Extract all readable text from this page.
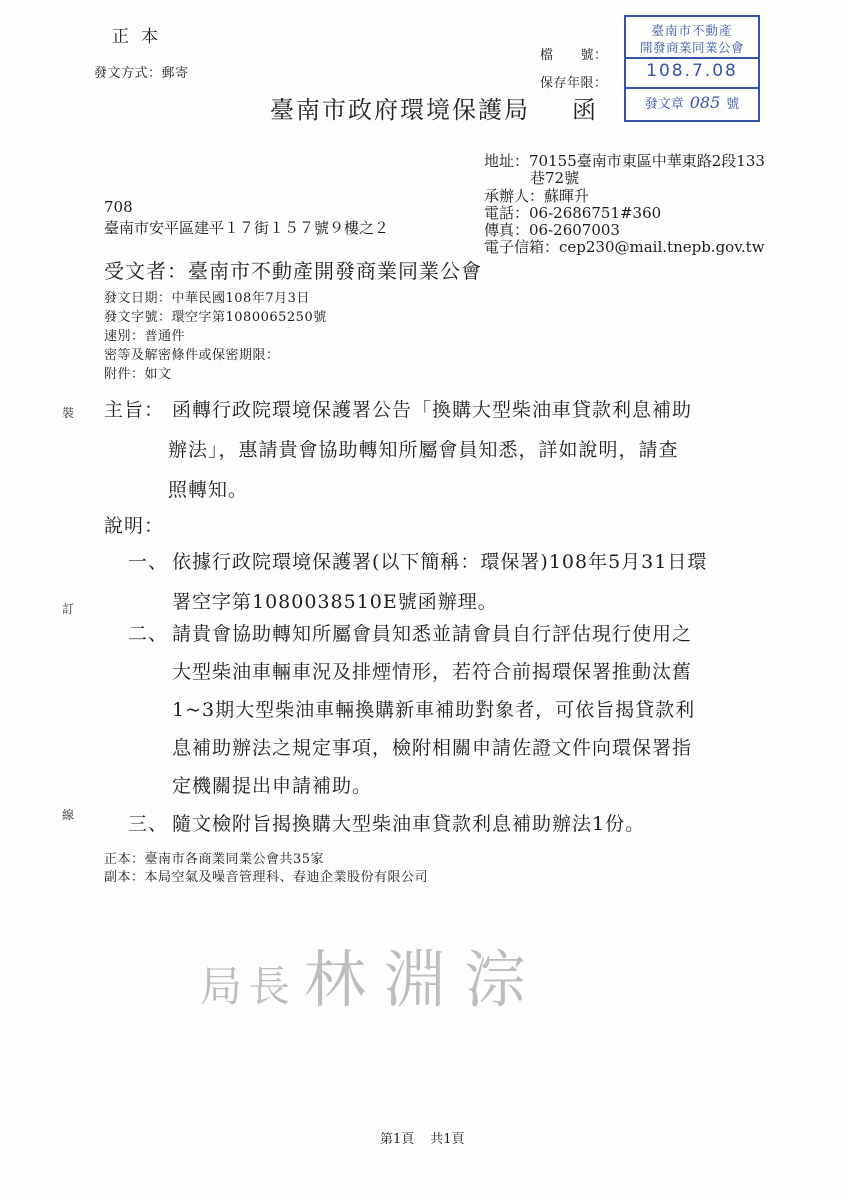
正本
發文方式：郵寄
檔　　號：
保存年限：
臺南市政府環境保護局 函
臺南市不動產
開發商業同業公會
108.7.08
發文章 085 號
地址：70155臺南市東區中華東路2段133
巷72號
承辦人：蘇暉升
電話：06-2686751#360
傳真：06-2607003
電子信箱：cep230@mail.tnepb.gov.tw
708
臺南市安平區建平１７街１５７號９樓之２
受文者：臺南市不動產開發商業同業公會
發文日期：中華民國108年7月3日
發文字號：環空字第1080065250號
速別：普通件
密等及解密條件或保密期限：
附件：如文
裝
訂
線
主旨： 函轉行政院環境保護署公告「換購大型柴油車貸款利息補助
辦法」，惠請貴會協助轉知所屬會員知悉，詳如說明，請查
照轉知。
說明：
一、 依據行政院環境保護署(以下簡稱：環保署)108年5月31日環
署空字第1080038510E號函辦理。
二、 請貴會協助轉知所屬會員知悉並請會員自行評估現行使用之
大型柴油車輛車況及排煙情形，若符合前揭環保署推動汰舊
1~3期大型柴油車輛換購新車補助對象者，可依旨揭貸款利
息補助辦法之規定事項，檢附相關申請佐證文件向環保署指
定機關提出申請補助。
三、 隨文檢附旨揭換購大型柴油車貸款利息補助辦法1份。
正本：臺南市各商業同業公會共35家
副本：本局空氣及噪音管理科、春迪企業股份有限公司
局長 林淵淙
第1頁 共1頁
